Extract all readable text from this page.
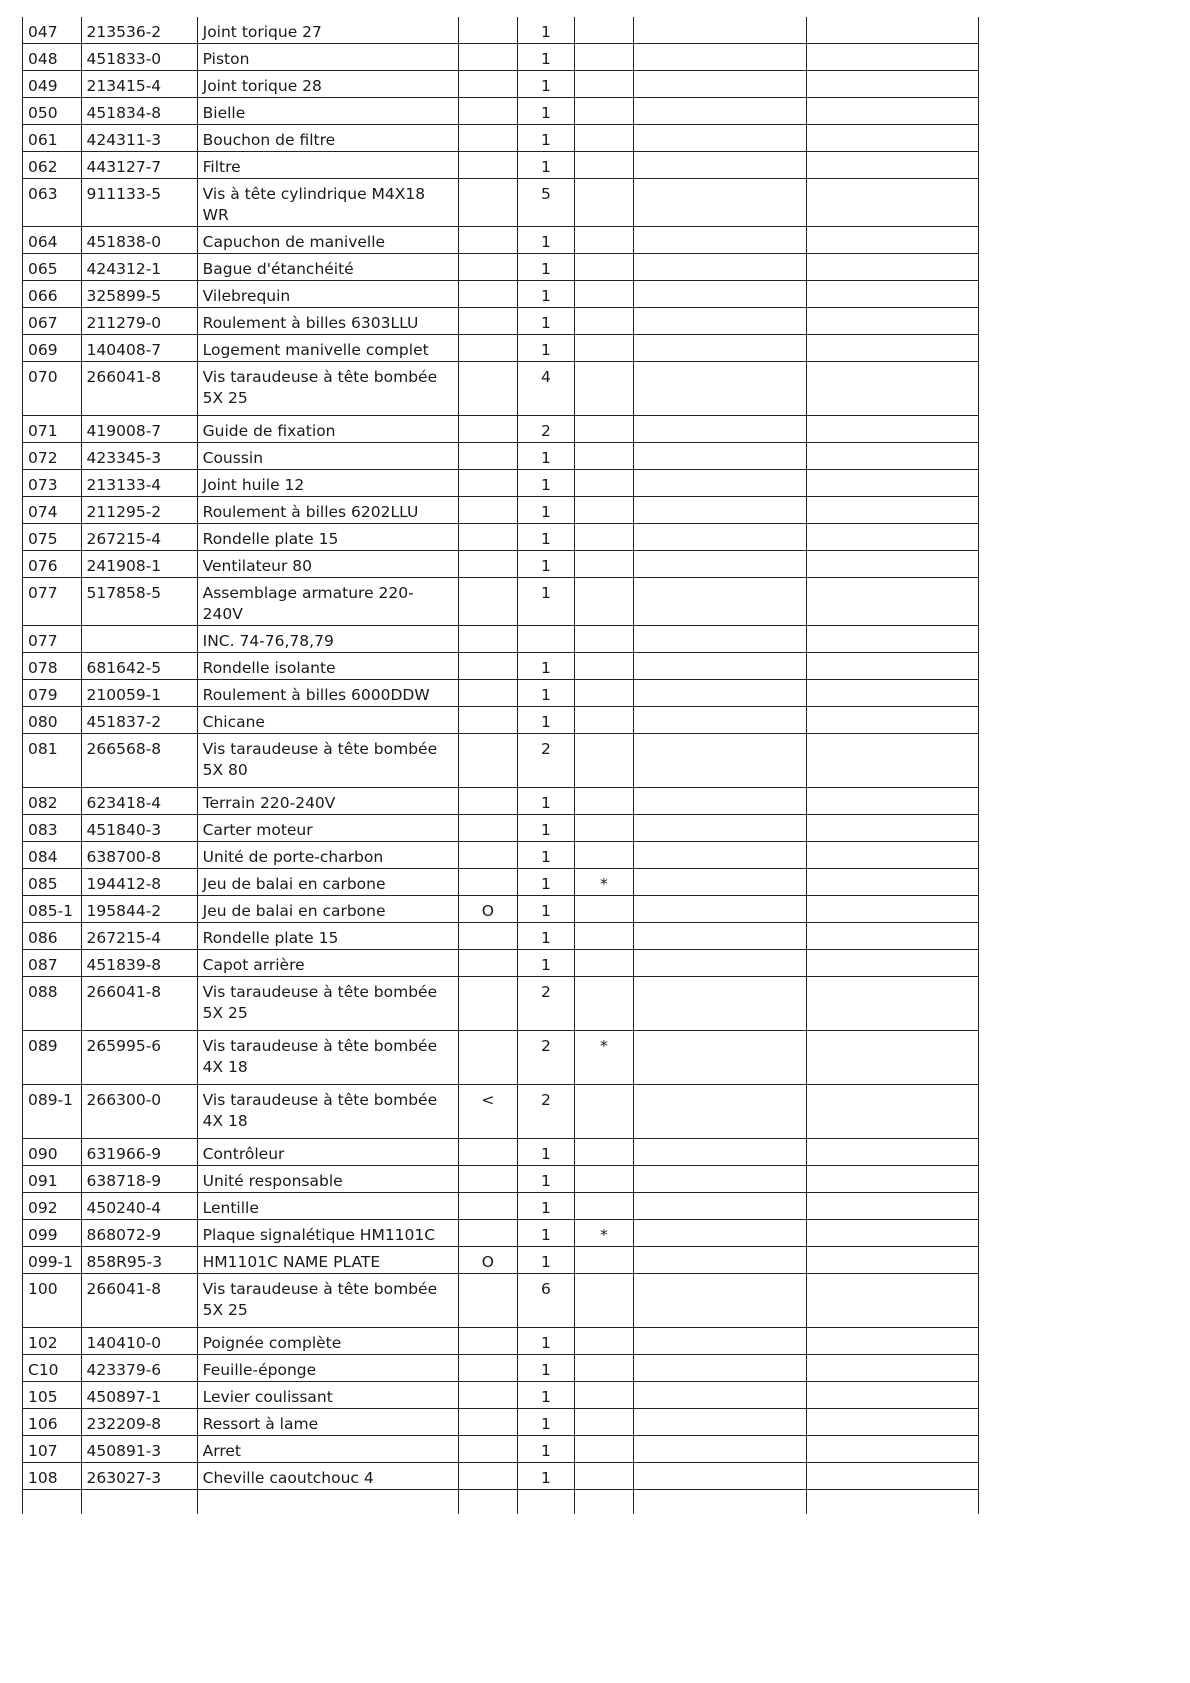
047	213536-2	Joint torique 27		1			
048	451833-0	Piston		1			
049	213415-4	Joint torique 28		1			
050	451834-8	Bielle		1			
061	424311-3	Bouchon de filtre		1			
062	443127-7	Filtre		1			
063	911133-5	Vis à tête cylindrique M4X18 WR		5			
064	451838-0	Capuchon de manivelle		1			
065	424312-1	Bague d'étanchéité		1			
066	325899-5	Vilebrequin		1			
067	211279-0	Roulement à billes 6303LLU		1			
069	140408-7	Logement manivelle complet		1			
070	266041-8	Vis taraudeuse à tête bombée 5X 25		4			
071	419008-7	Guide de fixation		2			
072	423345-3	Coussin		1			
073	213133-4	Joint huile 12		1			
074	211295-2	Roulement à billes 6202LLU		1			
075	267215-4	Rondelle plate 15		1			
076	241908-1	Ventilateur 80		1			
077	517858-5	Assemblage armature 220-240V		1			
077		INC. 74-76,78,79					
078	681642-5	Rondelle isolante		1			
079	210059-1	Roulement à billes 6000DDW		1			
080	451837-2	Chicane		1			
081	266568-8	Vis taraudeuse à tête bombée 5X 80		2			
082	623418-4	Terrain 220-240V		1			
083	451840-3	Carter moteur		1			
084	638700-8	Unité de porte-charbon		1			
085	194412-8	Jeu de balai en carbone		1	*		
085-1	195844-2	Jeu de balai en carbone	O	1			
086	267215-4	Rondelle plate 15		1			
087	451839-8	Capot arrière		1			
088	266041-8	Vis taraudeuse à tête bombée 5X 25		2			
089	265995-6	Vis taraudeuse à tête bombée 4X 18		2	*		
089-1	266300-0	Vis taraudeuse à tête bombée 4X 18	<	2			
090	631966-9	Contrôleur		1			
091	638718-9	Unité responsable		1			
092	450240-4	Lentille		1			
099	868072-9	Plaque signalétique HM1101C		1	*		
099-1	858R95-3	HM1101C NAME PLATE	O	1			
100	266041-8	Vis taraudeuse à tête bombée 5X 25		6			
102	140410-0	Poignée complète		1			
C10	423379-6	Feuille-éponge		1			
105	450897-1	Levier coulissant		1			
106	232209-8	Ressort à lame		1			
107	450891-3	Arret		1			
108	263027-3	Cheville caoutchouc 4		1			
